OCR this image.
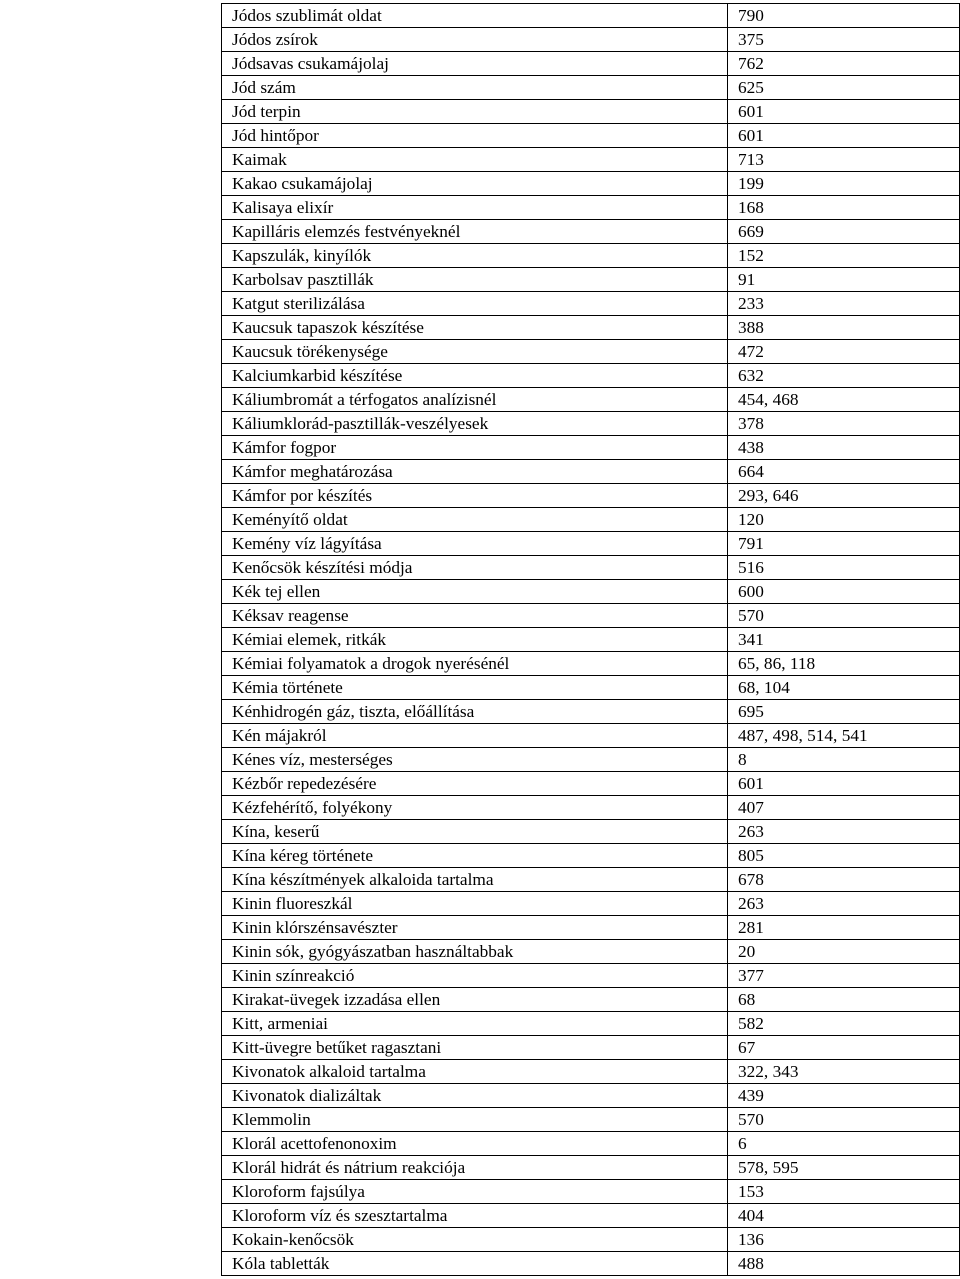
Jódos szublimát oldat	790
Jódos zsírok	375
Jódsavas csukamájolaj	762
Jód szám	625
Jód terpin	601
Jód hintőpor	601
Kaimak	713
Kakao csukamájolaj	199
Kalisaya elixír	168
Kapilláris elemzés festvényeknél	669
Kapszulák, kinyílók	152
Karbolsav pasztillák	91
Katgut sterilizálása	233
Kaucsuk tapaszok készítése	388
Kaucsuk törékenysége	472
Kalciumkarbid készítése	632
Káliumbromát a térfogatos analízisnél	454, 468
Káliumklorád-pasztillák-veszélyesek	378
Kámfor fogpor	438
Kámfor meghatározása	664
Kámfor por készítés	293, 646
Keményítő oldat	120
Kemény víz lágyítása	791
Kenőcsök készítési módja	516
Kék tej ellen	600
Kéksav reagense	570
Kémiai elemek, ritkák	341
Kémiai folyamatok a drogok nyerésénél	65, 86, 118
Kémia története	68, 104
Kénhidrogén gáz, tiszta, előállítása	695
Kén májakról	487, 498, 514, 541
Kénes víz, mesterséges	8
Kézbőr repedezésére	601
Kézfehérítő, folyékony	407
Kína, keserű	263
Kína kéreg története	805
Kína készítmények alkaloida tartalma	678
Kinin fluoreszkál	263
Kinin klórszénsavészter	281
Kinin sók, gyógyászatban használtabbak	20
Kinin színreakció	377
Kirakat-üvegek izzadása ellen	68
Kitt, armeniai	582
Kitt-üvegre betűket ragasztani	67
Kivonatok alkaloid tartalma	322, 343
Kivonatok dializáltak	439
Klemmolin	570
Klorál acettofenonoxim	6
Klorál hidrát és nátrium reakciója	578, 595
Kloroform fajsúlya	153
Kloroform víz és szesztartalma	404
Kokain-kenőcsök	136
Kóla tabletták	488
